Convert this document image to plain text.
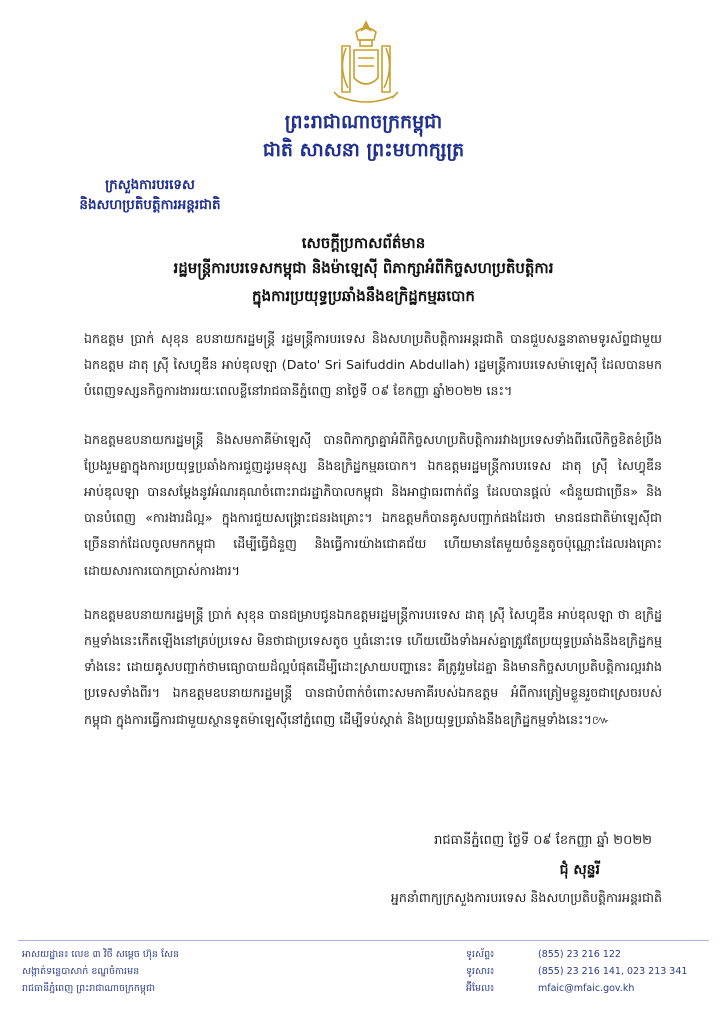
ព្រះរាជាណាចក្រកម្ពុជា
ជាតិ សាសនា ព្រះមហាក្សត្រ
ក្រសួងការបរទេស
និងសហប្រតិបត្តិការអន្តរជាតិ
សេចក្តីប្រកាសព័ត៌មាន
រដ្ឋមន្រ្តីការបរទេសកម្ពុជា និងម៉ាឡេស៊ី ពិភាក្សាអំពីកិច្ចសហប្រតិបត្តិការ
ក្នុងការប្រយុទ្ធប្រឆាំងនឹងឧក្រិដ្ឋកម្មឆបោក

ឯកឧត្តម ប្រាក់ សុខុន ឧបនាយករដ្ឋមន្ត្រី រដ្ឋមន្ត្រីការបរទេស និងសហប្រតិបត្តិការអន្តរជាតិ បានជួបសន្ទនាតាមទូរស័ព្ទជាមួយ ឯកឧត្តម ដាតុ ស្រ៊ី សៃហ្វុឌីន អាប់ឌុលឡា (Dato' Sri Saifuddin Abdullah) រដ្ឋមន្ត្រីការបរទេសម៉ាឡេស៊ី ដែលបានមកបំពេញទស្សនកិច្ចការងាររយៈពេលខ្លីនៅរាជធានីភ្នំពេញ នាថ្ងៃទី ០៩ ខែកញ្ញា ឆ្នាំ២០២២ នេះ។

ឯកឧត្តមឧបនាយករដ្ឋមន្ត្រី និងសមភាគីម៉ាឡេស៊ី បានពិភាក្សាគ្នាអំពីកិច្ចសហប្រតិបត្តិការរវាងប្រទេសទាំងពីរលើកិច្ចខិតខំប្រឹងប្រែងរួមគ្នាក្នុងការប្រយុទ្ធប្រឆាំងការជួញដូរមនុស្ស និងឧក្រិដ្ឋកម្មឆបោក។ ឯកឧត្តមរដ្ឋមន្ត្រីការបរទេស ដាតុ ស្រ៊ី សៃហ្វុឌីន អាប់ឌុលឡា បានសម្តែងនូវអំណរគុណចំពោះរាជរដ្ឋាភិបាលកម្ពុជា និងអាជ្ញាធរពាក់ព័ន្ធ ដែលបានផ្តល់ «ជំនួយជាច្រើន» និងបានបំពេញ «ការងារដ៏ល្អ» ក្នុងការជួយសង្គ្រោះជនរងគ្រោះ។ ឯកឧត្តមក៏បានគូសបញ្ជាក់ផងដែរថា មានជនជាតិម៉ាឡេស៊ីជាច្រើននាក់ដែលចូលមកកម្ពុជា ដើម្បីធ្វើជំនួញ និងធ្វើការយ៉ាងជោគជ័យ ហើយមានតែមួយចំនួនតូចប៉ុណ្ណោះដែលរងគ្រោះដោយសារការបោកប្រាស់ការងារ។

ឯកឧត្តមឧបនាយករដ្ឋមន្ត្រី ប្រាក់ សុខុន បានជម្រាបជូនឯកឧត្តមរដ្ឋមន្ត្រីការបរទេស ដាតុ ស្រ៊ី សៃហ្វុឌីន អាប់ឌុលឡា ថា ឧក្រិដ្ឋកម្មទាំងនេះកើតឡើងនៅគ្រប់ប្រទេស មិនថាជាប្រទេសតូច ឬធំនោះទេ ហើយយើងទាំងអស់គ្នាត្រូវតែប្រយុទ្ធប្រឆាំងនឹងឧក្រិដ្ឋកម្មទាំងនេះ ដោយគូសបញ្ជាក់ថាមធ្យោបាយដ៏ល្អបំផុតដើម្បីដោះស្រាយបញ្ហានេះ គឺត្រូវរួមដៃគ្នា និងមានកិច្ចសហប្រតិបត្តិការល្អរវាងប្រទេសទាំងពីរ។ ឯកឧត្តមឧបនាយករដ្ឋមន្ត្រី បានជាបំពាក់ចំពោះសមភាគីរបស់ឯកឧត្តម អំពីការត្រៀមខ្លួនរួចជាស្រេចរបស់កម្ពុជា ក្នុងការធ្វើការជាមួយស្ថានទូតម៉ាឡេស៊ីនៅភ្នំពេញ ដើម្បីទប់ស្កាត់ និងប្រយុទ្ធប្រឆាំងនឹងឧក្រិដ្ឋកម្មទាំងនេះ។៚

រាជធានីភ្នំពេញ ថ្ងៃទី ០៩ ខែកញ្ញា ឆ្នាំ ២០២២
ជុំ សុន្ទរី
អ្នកនាំពាក្យក្រសួងការបរទេស និងសហប្រតិបត្តិការអន្តរជាតិ
អាសយដ្ឋាន៖ លេខ ៣ វិថី សម្តេច ហ៊ុន សែន
សង្កាត់ទន្លេបាសាក់ ខណ្ឌចំការមន
រាជធានីភ្នំពេញ ព្រះរាជាណាចក្រកម្ពុជា
ទូរស័ព្ទ៖	(855) 23 216 122
ទូរសារ៖	(855) 23 216 141, 023 213 341
អ៊ីមែល៖	mfaic@mfaic.gov.kh
